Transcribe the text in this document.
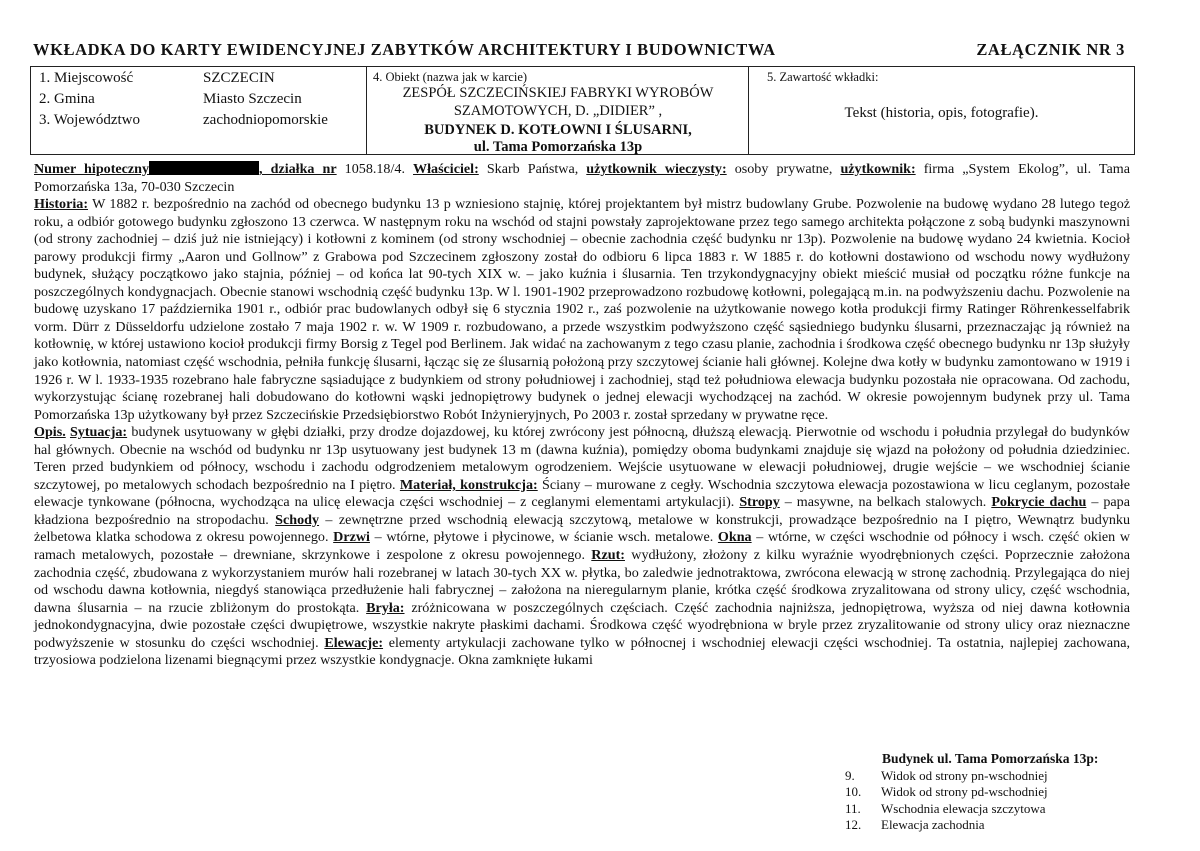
WKŁADKA DO KARTY EWIDENCYJNEJ ZABYTKÓW ARCHITEKTURY I BUDOWNICTWA	ZAŁĄCZNIK NR 3
1. Miejscowość	SZCZECIN
2. Gmina	Miasto Szczecin
3. Województwo	zachodniopomorskie
4. Obiekt (nazwa jak w karcie)
ZESPÓŁ SZCZECIŃSKIEJ FABRYKI WYROBÓW
SZAMOTOWYCH, D. „DIDIER” ,
BUDYNEK D. KOTŁOWNI I ŚLUSARNI,
ul. Tama Pomorzańska 13p
5. Zawartość wkładki:
Tekst (historia, opis, fotografie).

Numer hipoteczny	, działka nr 1058.18/4. Właściciel: Skarb Państwa, użytkownik wieczysty: osoby prywatne, użytkownik: firma „System Ekolog”, ul. Tama Pomorzańska 13a, 70-030 Szczecin

Historia: W 1882 r. bezpośrednio na zachód od obecnego budynku 13 p wzniesiono stajnię, której projektantem był mistrz budowlany Grube. Pozwolenie na budowę wydano 28 lutego tegoż roku, a odbiór gotowego budynku zgłoszono 13 czerwca. W następnym roku na wschód od stajni powstały zaprojektowane przez tego samego architekta połączone z sobą budynki maszynowni (od strony zachodniej – dziś już nie istniejący) i kotłowni z kominem (od strony wschodniej – obecnie zachodnia część budynku nr 13p). Pozwolenie na budowę wydano 24 kwietnia. Kocioł parowy produkcji firmy „Aaron und Gollnow” z Grabowa pod Szczecinem zgłoszony został do odbioru 6 lipca 1883 r. W 1885 r. do kotłowni dostawiono od wschodu nowy wydłużony budynek, służący początkowo jako stajnia, później – od końca lat 90-tych XIX w. – jako kuźnia i ślusarnia. Ten trzykondygnacyjny obiekt mieścić musiał od początku różne funkcje na poszczególnych kondygnacjach. Obecnie stanowi wschodnią część budynku 13p. W l. 1901-1902 przeprowadzono rozbudowę kotłowni, polegającą m.in. na podwyższeniu dachu. Pozwolenie na budowę uzyskano 17 października 1901 r., odbiór prac budowlanych odbył się 6 stycznia 1902 r., zaś pozwolenie na użytkowanie nowego kotła produkcji firmy Ratinger Röhrenkesselfabrik vorm. Dürr z Düsseldorfu udzielone zostało 7 maja 1902 r. w. W 1909 r. rozbudowano, a przede wszystkim podwyższono część sąsiedniego budynku ślusarni, przeznaczając ją również na kotłownię, w której ustawiono kocioł produkcji firmy Borsig z Tegel pod Berlinem. Jak widać na zachowanym z tego czasu planie, zachodnia i środkowa część obecnego budynku nr 13p służyły jako kotłownia, natomiast część wschodnia, pełniła funkcję ślusarni, łącząc się ze ślusarnią położoną przy szczytowej ścianie hali głównej. Kolejne dwa kotły w budynku zamontowano w 1919 i 1926 r. W l. 1933-1935 rozebrano hale fabryczne sąsiadujące z budynkiem od strony południowej i zachodniej, stąd też południowa elewacja budynku pozostała nie opracowana. Od zachodu, wykorzystując ścianę rozebranej hali dobudowano do kotłowni wąski jednopiętrowy budynek o jednej elewacji wychodzącej na zachód. W okresie powojennym budynek przy ul. Tama Pomorzańska 13p użytkowany był przez Szczecińskie Przedsiębiorstwo Robót Inżynieryjnych, Po 2003 r. został sprzedany w prywatne ręce.

Opis. Sytuacja: budynek usytuowany w głębi działki, przy drodze dojazdowej, ku której zwrócony jest północną, dłuższą elewacją. Pierwotnie od wschodu i południa przylegał do budynków hal głównych. Obecnie na wschód od budynku nr 13p usytuowany jest budynek 13 m (dawna kuźnia), pomiędzy oboma budynkami znajduje się wjazd na położony od południa dziedziniec. Teren przed budynkiem od północy, wschodu i zachodu odgrodzeniem metalowym ogrodzeniem. Wejście usytuowane w elewacji południowej, drugie wejście – we wschodniej ścianie szczytowej, po metalowych schodach bezpośrednio na I piętro. Materiał, konstrukcja: Ściany – murowane z cegły. Wschodnia szczytowa elewacja pozostawiona w licu ceglanym, pozostałe elewacje tynkowane (północna, wychodząca na ulicę elewacja części wschodniej – z ceglanymi elementami artykulacji). Stropy – masywne, na belkach stalowych. Pokrycie dachu – papa kładziona bezpośrednio na stropodachu. Schody – zewnętrzne przed wschodnią elewacją szczytową, metalowe w konstrukcji, prowadzące bezpośrednio na I piętro, Wewnątrz budynku żelbetowa klatka schodowa z okresu powojennego. Drzwi – wtórne, płytowe i płycinowe, w ścianie wsch. metalowe. Okna – wtórne, w części wschodnie od północy i wsch. część okien w ramach metalowych, pozostałe – drewniane, skrzynkowe i zespolone z okresu powojennego. Rzut: wydłużony, złożony z kilku wyraźnie wyodrębnionych części. Poprzecznie założona zachodnia część, zbudowana z wykorzystaniem murów hali rozebranej w latach 30-tych XX w. płytka, bo zaledwie jednotraktowa, zwrócona elewacją w stronę zachodnią. Przylegająca do niej od wschodu dawna kotłownia, niegdyś stanowiąca przedłużenie hali fabrycznej – założona na nieregularnym planie, krótka część środkowa zryzalitowana od strony ulicy, część wschodnia, dawna ślusarnia – na rzucie zbliżonym do prostokąta. Bryła: zróżnicowana w poszczególnych częściach. Część zachodnia najniższa, jednopiętrowa, wyższa od niej dawna kotłownia jednokondygnacyjna, dwie pozostałe części dwupiętrowe, wszystkie nakryte płaskimi dachami. Środkowa część wyodrębniona w bryle przez zryzalitowanie od strony ulicy oraz nieznaczne podwyższenie w stosunku do części wschodniej. Elewacje: elementy artykulacji zachowane tylko w północnej i wschodniej elewacji części wschodniej. Ta ostatnia, najlepiej zachowana, trzyosiowa podzielona lizenami biegnącymi przez wszystkie kondygnacje. Okna zamknięte łukami

Budynek ul. Tama Pomorzańska 13p:
9.	Widok od strony pn-wschodniej
10.	Widok od strony pd-wschodniej
11.	Wschodnia elewacja szczytowa
12.	Elewacja zachodnia
